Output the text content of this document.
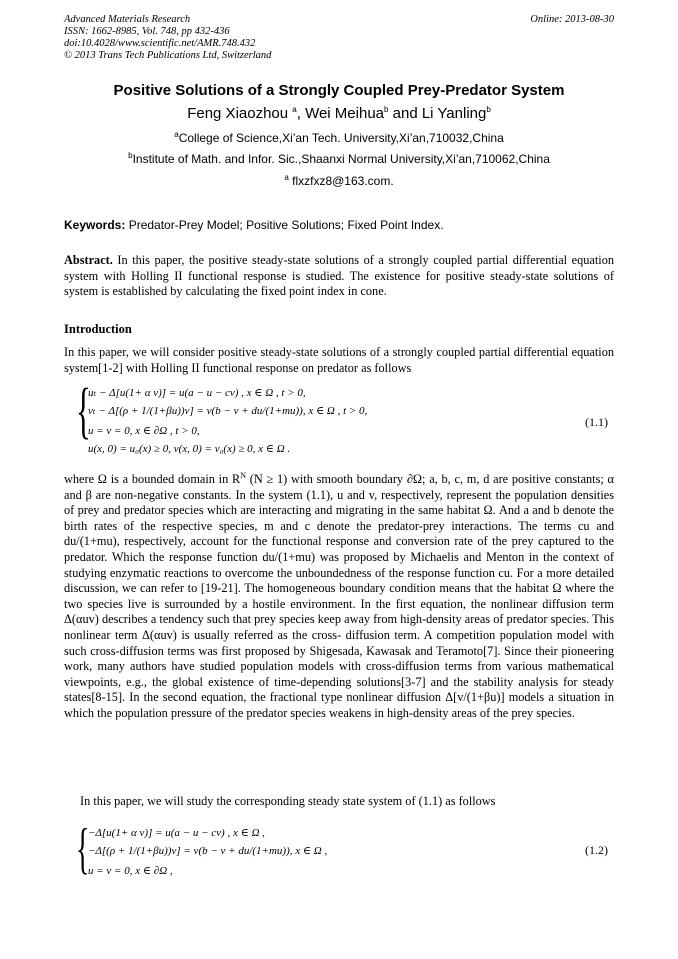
Advanced Materials Research
ISSN: 1662-8985, Vol. 748, pp 432-436
doi:10.4028/www.scientific.net/AMR.748.432
© 2013 Trans Tech Publications Ltd, Switzerland
Online: 2013-08-30
Positive Solutions of a Strongly Coupled Prey-Predator System
Feng Xiaozhou $^a$, Wei Meihua$^b$ and Li Yanling$^b$
$^a$College of Science,Xi’an Tech. University,Xi’an,710032,China
$^b$Institute of Math. and Infor. Sic.,Shaanxi Normal University,Xi’an,710062,China
$^a$ flxzfxz8@163.com.
Keywords: Predator-Prey Model; Positive Solutions; Fixed Point Index.
Abstract. In this paper, the positive steady-state solutions of a strongly coupled partial differential equation system with Holling II functional response is studied. The existence for positive steady-state solutions of system is established by calculating the fixed point index in cone.
Introduction
In this paper, we will consider positive steady-state solutions of a strongly coupled partial differential equation system[1-2] with Holling II functional response on predator as follows
{
uₜ − Δ[u(1+ α v)] = u(a − u − cv) , x ∈ Ω , t > 0,
vₜ − Δ[(ρ + 1/(1+βu))v] = v(b − v + du/(1+mu)), x ∈ Ω , t > 0,
u = v = 0, x ∈ ∂Ω , t > 0,
u(x, 0) = u₀(x) ≥ 0, v(x, 0) = v₀(x) ≥ 0, x ∈ Ω .
(1.1)
where Ω is a bounded domain in $R^N$ (N ≥ 1) with smooth boundary ∂Ω; a, b, c, m, d are positive constants; α and β are non-negative constants. In the system (1.1), u and v, respectively, represent the population densities of prey and predator species which are interacting and migrating in the same habitat Ω. And a and b denote the birth rates of the respective species, m and c denote the predator-prey interactions. The terms cu and du/(1+mu), respectively, account for the functional response and conversion rate of the prey captured to the predator. Which the response function du/(1+mu) was proposed by Michaelis and Menton in the context of studying enzymatic reactions to overcome the unboundedness of the response function cu. For a more detailed discussion, we can refer to [19-21]. The homogeneous boundary condition means that the habitat Ω where the two species live is surrounded by a hostile environment. In the first equation, the nonlinear diffusion term Δ(αuv) describes a tendency such that prey species keep away from high-density areas of predator species. This nonlinear term Δ(αuv) is usually referred as the cross- diffusion term. A competition population model with such cross-diffusion terms was first proposed by Shigesada, Kawasak and Teramoto[7]. Since their pioneering work, many authors have studied population models with cross-diffusion terms from various mathematical viewpoints, e.g., the global existence of time-depending solutions[3-7] and the stability analysis for steady states[8-15]. In the second equation, the fractional type nonlinear diffusion Δ[v/(1+βu)] models a situation in which the population pressure of the predator species weakens in high-density areas of the prey species.
In this paper, we will study the corresponding steady state system of (1.1) as follows
{
−Δ[u(1+ α v)] = u(a − u − cv) , x ∈ Ω ,
−Δ[(ρ + 1/(1+βu))v] = v(b − v + du/(1+mu)), x ∈ Ω ,
u = v = 0, x ∈ ∂Ω ,
(1.2)
